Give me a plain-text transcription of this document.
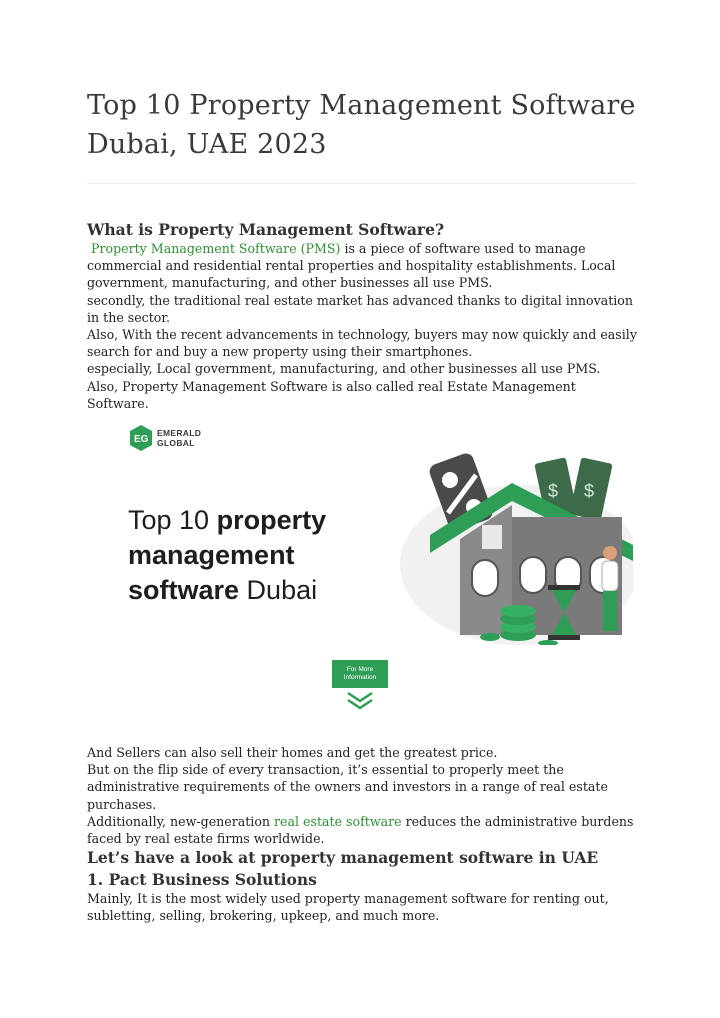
Top 10 Property Management Software Dubai, UAE 2023
What is Property Management Software?
Property Management Software (PMS) is a piece of software used to manage commercial and residential rental properties and hospitality establishments. Local government, manufacturing, and other businesses all use PMS.
secondly, the traditional real estate market has advanced thanks to digital innovation in the sector.
Also, With the recent advancements in technology, buyers may now quickly and easily search for and buy a new property using their smartphones.
especially, Local government, manufacturing, and other businesses all use PMS.
Also, Property Management Software is also called real Estate Management Software.
And Sellers can also sell their homes and get the greatest price.
But on the flip side of every transaction, it’s essential to properly meet the administrative requirements of the owners and investors in a range of real estate purchases.
Additionally, new-generation real estate software reduces the administrative burdens faced by real estate firms worldwide.
Let’s have a look at property management software in UAE
1. Pact Business Solutions
Mainly, It is the most widely used property management software for renting out, subletting, selling, brokering, upkeep, and much more.
EG
EMERALD
GLOBAL
Top 10 property management software Dubai
$ $
For More
Information
